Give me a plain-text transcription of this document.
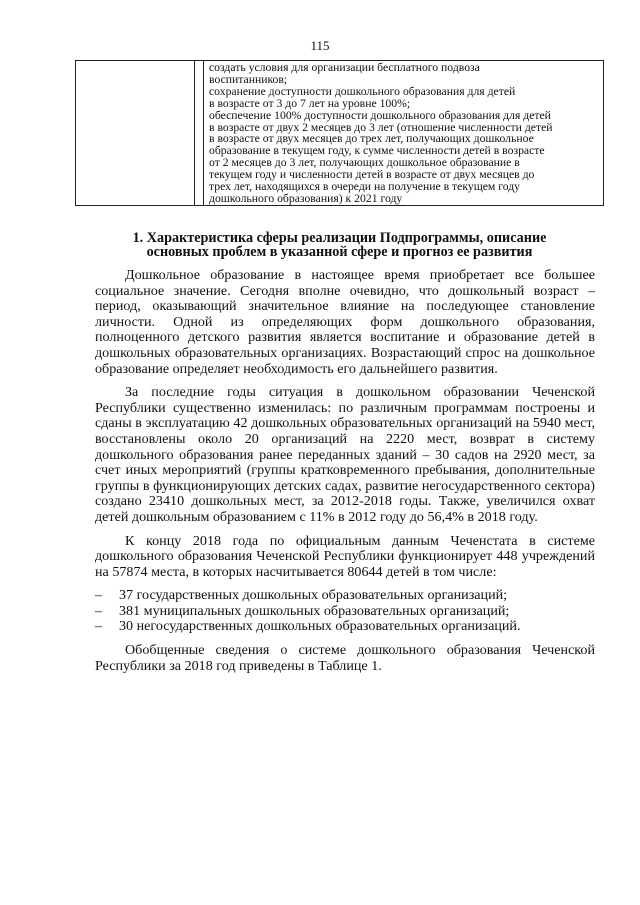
115

создать условия для организации бесплатного подвоза
воспитанников;
сохранение доступности дошкольного образования для детей
в возрасте от 3 до 7 лет на уровне 100%;
обеспечение 100% доступности дошкольного образования для детей
в возрасте от двух 2 месяцев до 3 лет (отношение численности детей
в возрасте от двух месяцев до трех лет, получающих дошкольное
образование в текущем году, к сумме численности детей в возрасте
от 2 месяцев до 3 лет, получающих дошкольное образование в
текущем году и численности детей в возрасте от двух месяцев до
трех лет, находящихся в очереди на получение в текущем году
дошкольного образования) к 2021 году
1. Характеристика сферы реализации Подпрограммы, описание
основных проблем в указанной сфере и прогноз ее развития

Дошкольное образование в настоящее время приобретает все большее социальное значение. Сегодня вполне очевидно, что дошкольный возраст – период, оказывающий значительное влияние на последующее становление личности. Одной из определяющих форм дошкольного образования, полноценного детского развития является воспитание и образование детей в дошкольных образовательных организациях. Возрастающий спрос на дошкольное образование определяет необходимость его дальнейшего развития.

За последние годы ситуация в дошкольном образовании Чеченской Республики существенно изменилась: по различным программам построены и сданы в эксплуатацию 42 дошкольных образовательных организаций на 5940 мест, восстановлены около 20 организаций на 2220 мест, возврат в систему дошкольного образования ранее переданных зданий – 30 садов на 2920 мест, за счет иных мероприятий (группы кратковременного пребывания, дополнительные группы в функционирующих детских садах, развитие негосударственного сектора) создано 23410 дошкольных мест, за 2012-2018 годы. Также, увеличился охват детей дошкольным образованием с 11% в 2012 году до 56,4% в 2018 году.

К концу 2018 года по официальным данным Чеченстата в системе дошкольного образования Чеченской Республики функционирует 448 учреждений на 57874 места, в которых насчитывается 80644 детей в том числе:

– 37 государственных дошкольных образовательных организаций;
– 381 муниципальных дошкольных образовательных организаций;
– 30 негосударственных дошкольных образовательных организаций.

Обобщенные сведения о системе дошкольного образования Чеченской Республики за 2018 год приведены в Таблице 1.
